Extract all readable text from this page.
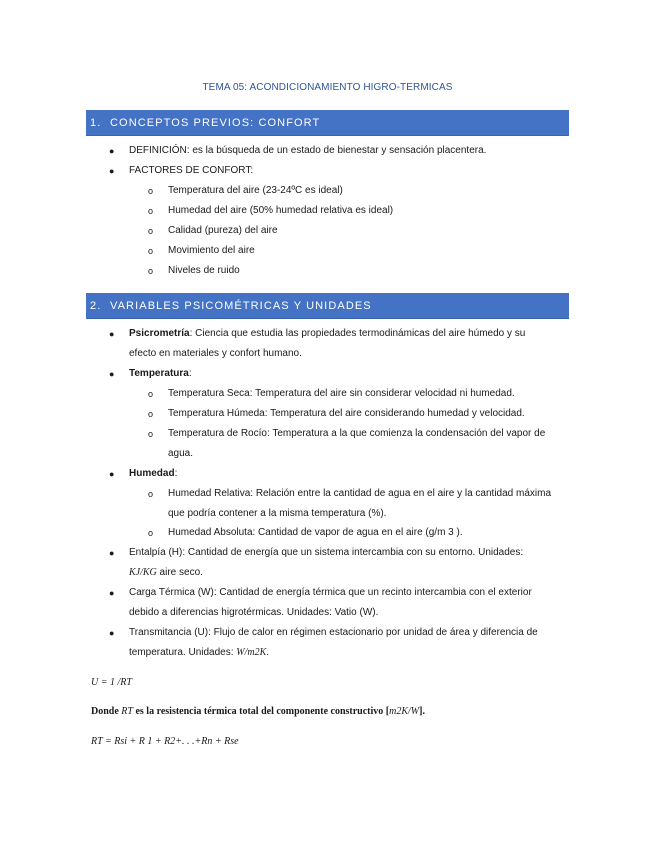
TEMA 05: ACONDICIONAMIENTO HIGRO-TERMICAS
1. CONCEPTOS PREVIOS: CONFORT
● DEFINICIÓN: es la búsqueda de un estado de bienestar y sensación placentera.
● FACTORES DE CONFORT:
o Temperatura del aire (23-24ºC es ideal)
o Humedad del aire (50% humedad relativa es ideal)
o Calidad (pureza) del aire
o Movimiento del aire
o Niveles de ruido
2. VARIABLES PSICOMÉTRICAS Y UNIDADES
● Psicrometría: Ciencia que estudia las propiedades termodinámicas del aire húmedo y su
efecto en materiales y confort humano.
● Temperatura:
o Temperatura Seca: Temperatura del aire sin considerar velocidad ni humedad.
o Temperatura Húmeda: Temperatura del aire considerando humedad y velocidad.
o Temperatura de Rocío: Temperatura a la que comienza la condensación del vapor de
agua.
● Humedad:
o Humedad Relativa: Relación entre la cantidad de agua en el aire y la cantidad máxima
que podría contener a la misma temperatura (%).
o Humedad Absoluta: Cantidad de vapor de agua en el aire (g/m 3 ).
● Entalpía (H): Cantidad de energía que un sistema intercambia con su entorno. Unidades:
KJ/KG aire seco.
● Carga Térmica (W): Cantidad de energía térmica que un recinto intercambia con el exterior
debido a diferencias higrotérmicas. Unidades: Vatio (W).
● Transmitancia (U): Flujo de calor en régimen estacionario por unidad de área y diferencia de
temperatura. Unidades: W/m2K.
U = 1 /RT
Donde RT es la resistencia térmica total del componente constructivo [m2K/W].
RT = Rsi + R 1 + R2+. . .+Rn + Rse
